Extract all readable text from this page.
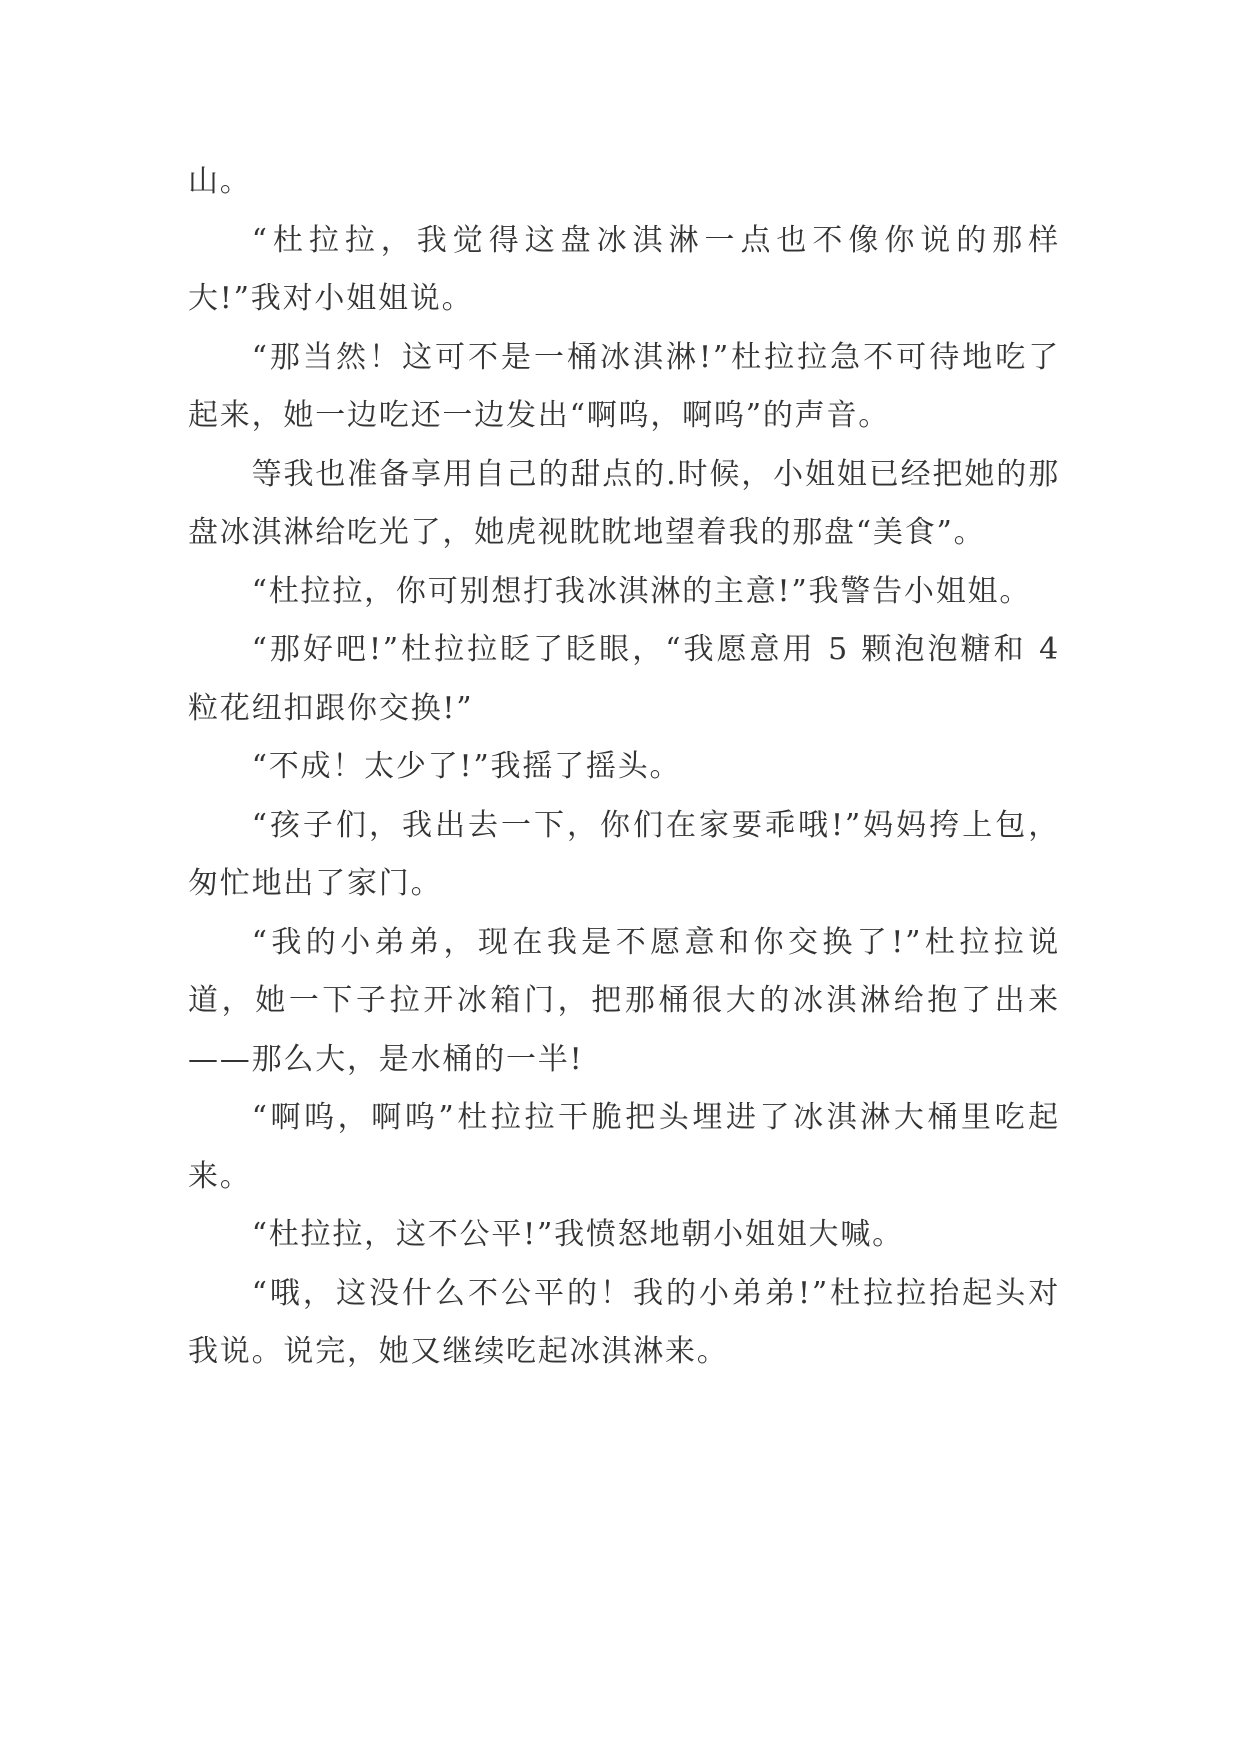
山。

“杜拉拉，我觉得这盘冰淇淋一点也不像你说的那样大!”我对小姐姐说。

“那当然！这可不是一桶冰淇淋!”杜拉拉急不可待地吃了起来，她一边吃还一边发出“啊呜，啊呜”的声音。

等我也准备享用自己的甜点的.时候，小姐姐已经把她的那盘冰淇淋给吃光了，她虎视眈眈地望着我的那盘“美食”。

“杜拉拉，你可别想打我冰淇淋的主意!”我警告小姐姐。

“那好吧!”杜拉拉眨了眨眼，“我愿意用 5 颗泡泡糖和 4 粒花纽扣跟你交换!”

“不成！太少了!”我摇了摇头。

“孩子们，我出去一下，你们在家要乖哦!”妈妈挎上包，匆忙地出了家门。

“我的小弟弟，现在我是不愿意和你交换了!”杜拉拉说道，她一下子拉开冰箱门，把那桶很大的冰淇淋给抱了出来——那么大，是水桶的一半!

“啊呜，啊呜”杜拉拉干脆把头埋进了冰淇淋大桶里吃起来。

“杜拉拉，这不公平!”我愤怒地朝小姐姐大喊。

“哦，这没什么不公平的！我的小弟弟!”杜拉拉抬起头对我说。说完，她又继续吃起冰淇淋来。
